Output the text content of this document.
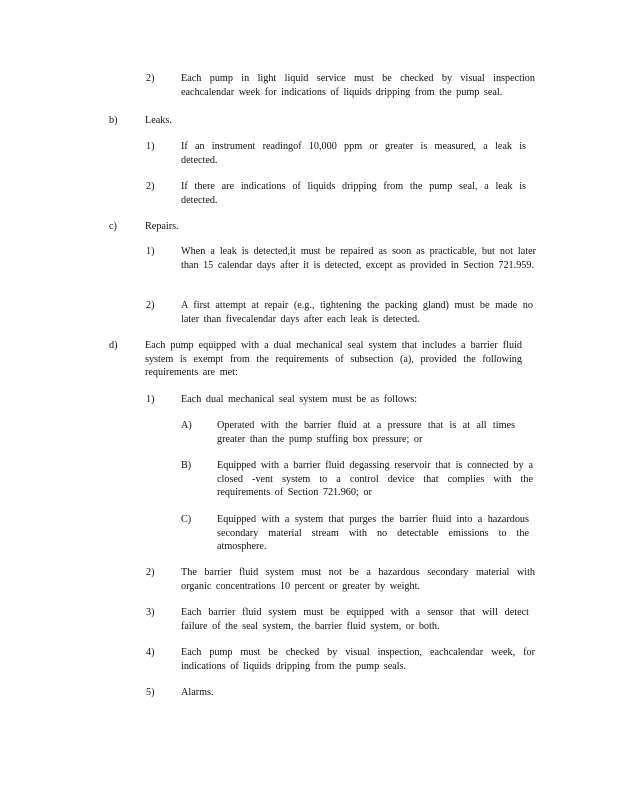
2)	Each pump in light liquid service must be checked by visual inspection eachcalendar week for indications of liquids dripping from the pump seal.
b)	Leaks.
1)	If an instrument readingof 10,000 ppm or greater is measured, a leak is detected.
2)	If there are indications of liquids dripping from the pump seal, a leak is detected.
c)	Repairs.
1)	When a leak is detected,it must be repaired as soon as practicable, but not later than 15 calendar days after it is detected, except as provided in Section 721.959.
2)	A first attempt at repair (e.g., tightening the packing gland) must be made no later than fivecalendar days after each leak is detected.
d)	Each pump equipped with a dual mechanical seal system that includes a barrier fluid system is exempt from the requirements of subsection (a), provided the following requirements are met:
1)	Each dual mechanical seal system must be as follows:
A) Operated with the barrier fluid at a pressure that is at all times greater than the pump stuffing box pressure; or
B)	Equipped with a barrier fluid degassing reservoir that is connected by a closed -vent system to a control device that complies with the requirements of Section 721.960; or
C)	Equipped with a system that purges the barrier fluid into a hazardous secondary material stream with no detectable emissions to the atmosphere.
2)	The barrier fluid system must not be a hazardous secondary material with organic concentrations 10 percent or greater by weight.
3)	Each barrier fluid system must be equipped with a sensor that will detect failure of the seal system, the barrier fluid system, or both.
4)	Each pump must be checked by visual inspection, eachcalendar week, for indications of liquids dripping from the pump seals.
5)	Alarms.
